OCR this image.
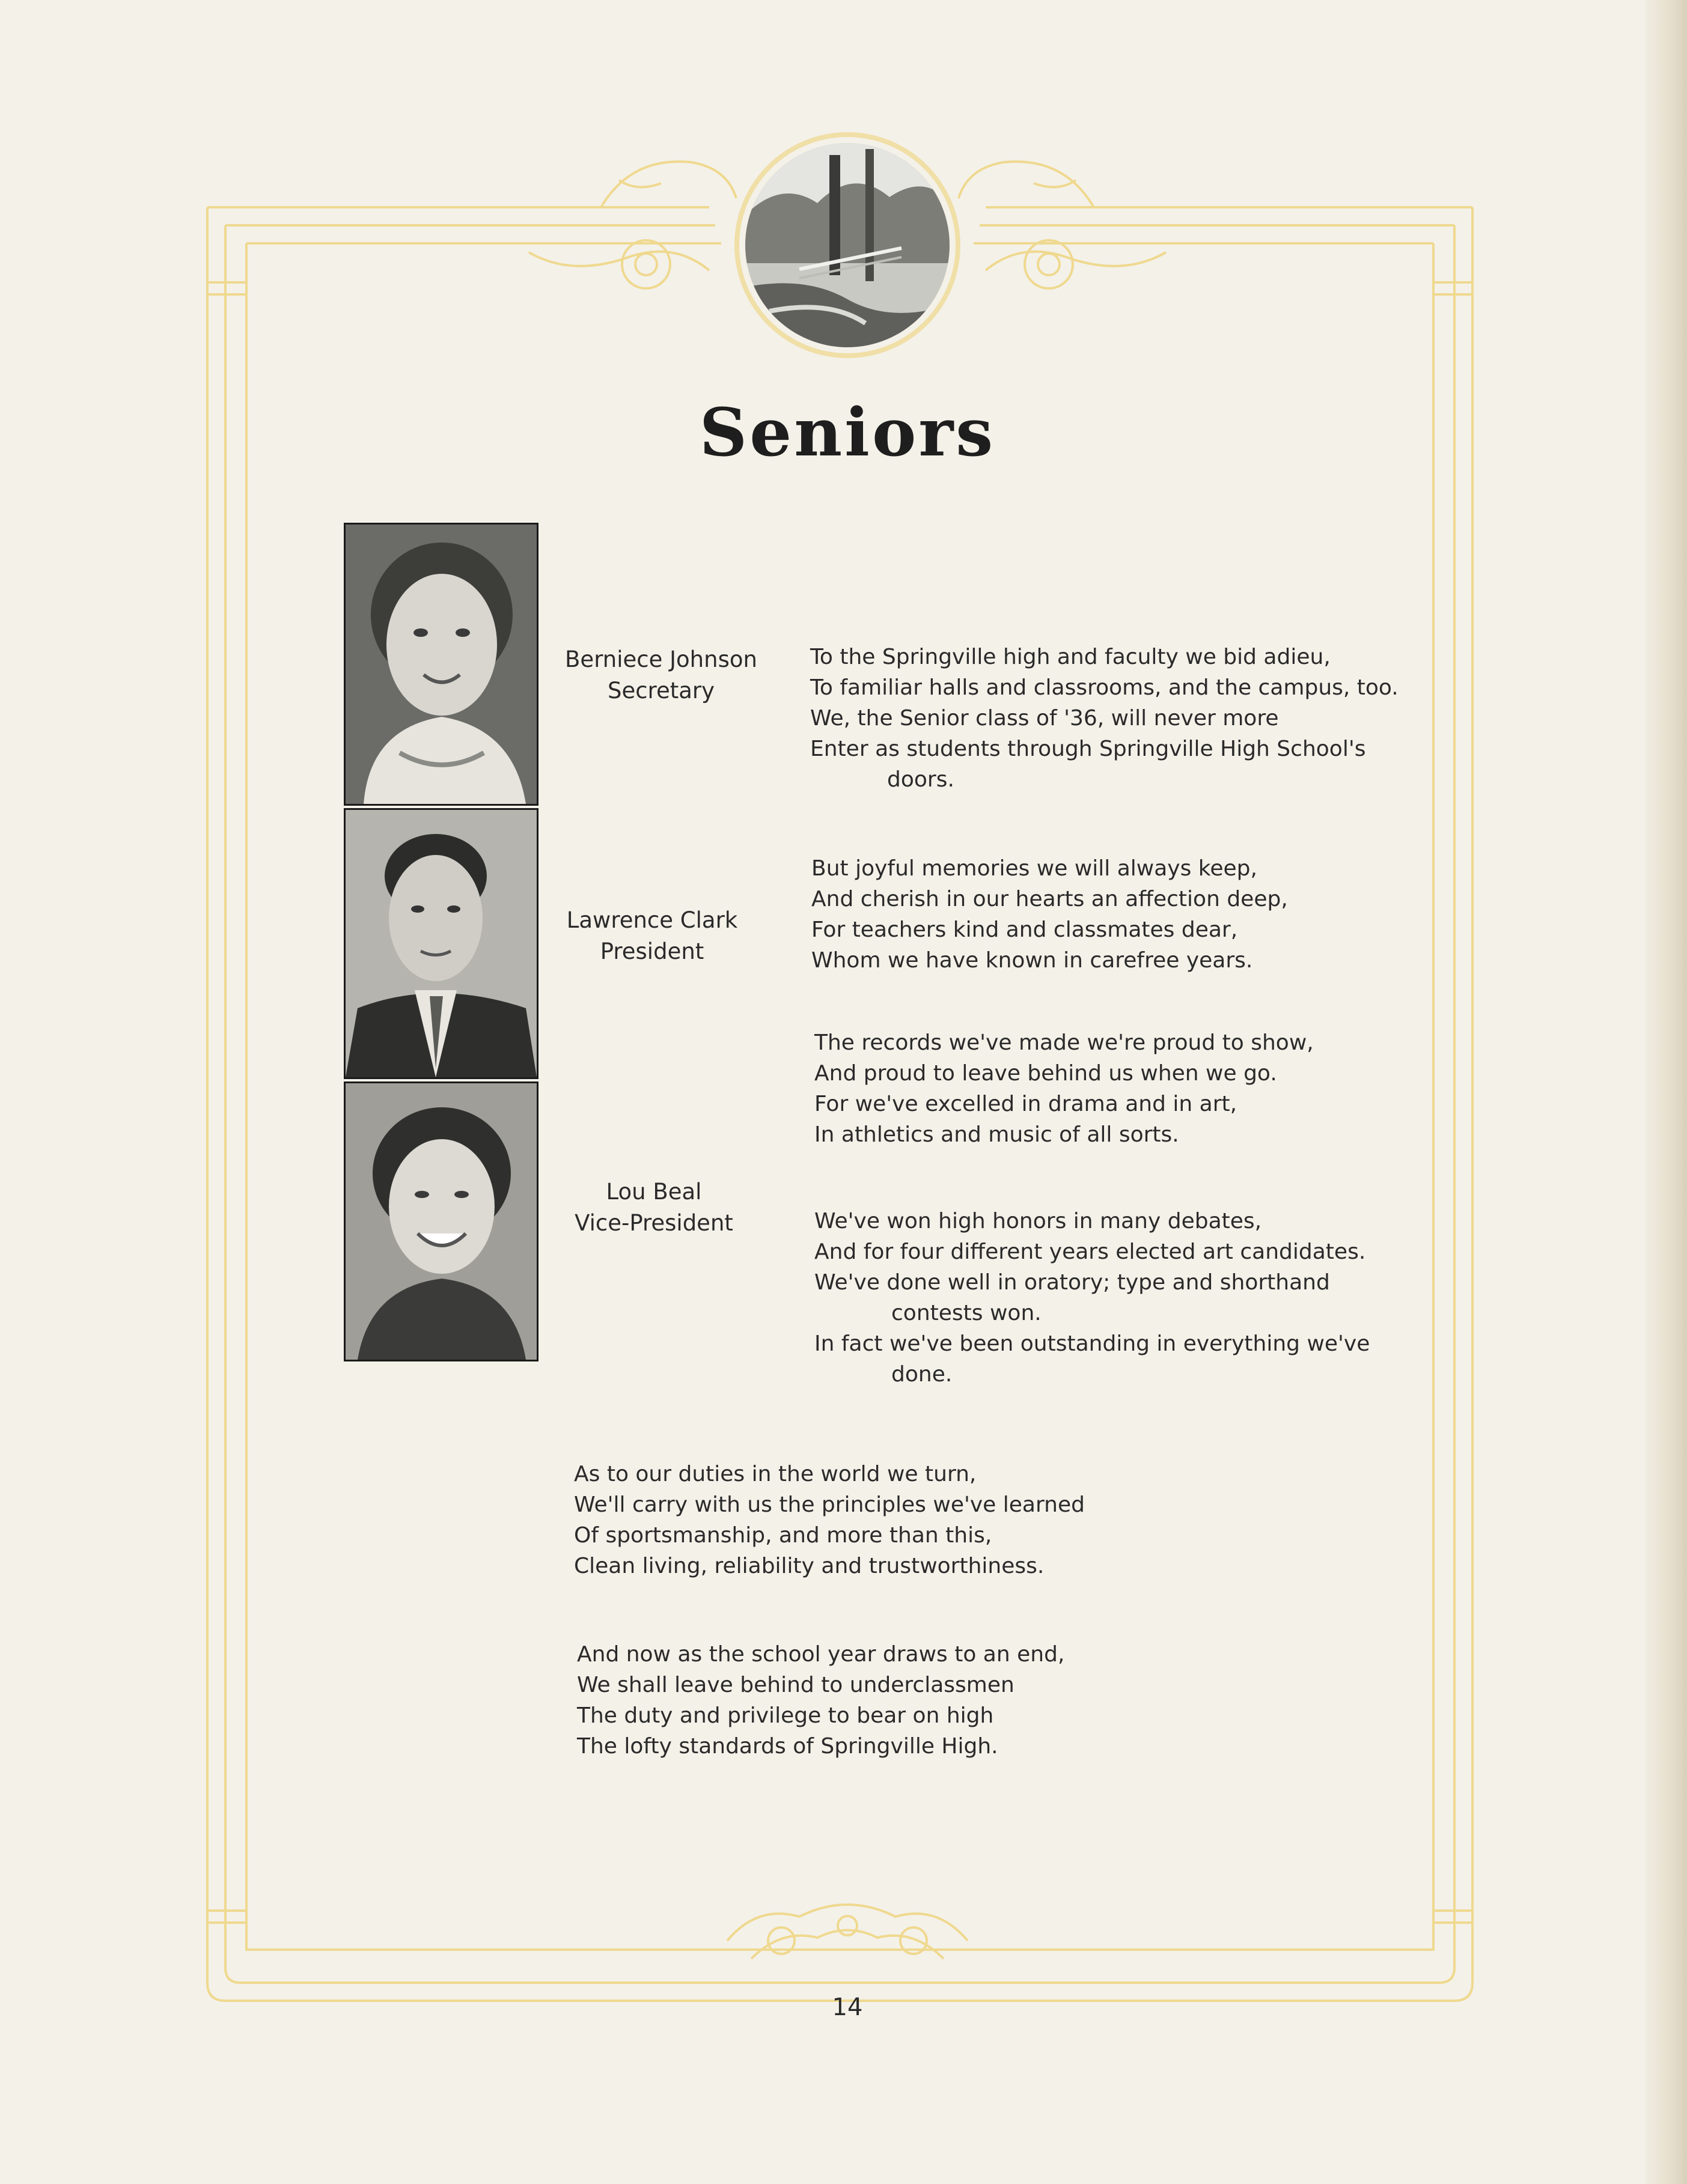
Seniors
Berniece Johnson
Secretary
Lawrence Clark
President
Lou Beal
Vice-President
To the Springville high and faculty we bid adieu,
To familiar halls and classrooms, and the campus, too.
We, the Senior class of '36, will never more
Enter as students through Springville High School's
doors.
But joyful memories we will always keep,
And cherish in our hearts an affection deep,
For teachers kind and classmates dear,
Whom we have known in carefree years.
The records we've made we're proud to show,
And proud to leave behind us when we go.
For we've excelled in drama and in art,
In athletics and music of all sorts.
We've won high honors in many debates,
And for four different years elected art candidates.
We've done well in oratory; type and shorthand
contests won.
In fact we've been outstanding in everything we've
done.
As to our duties in the world we turn,
We'll carry with us the principles we've learned
Of sportsmanship, and more than this,
Clean living, reliability and trustworthiness.
And now as the school year draws to an end,
We shall leave behind to underclassmen
The duty and privilege to bear on high
The lofty standards of Springville High.
14
